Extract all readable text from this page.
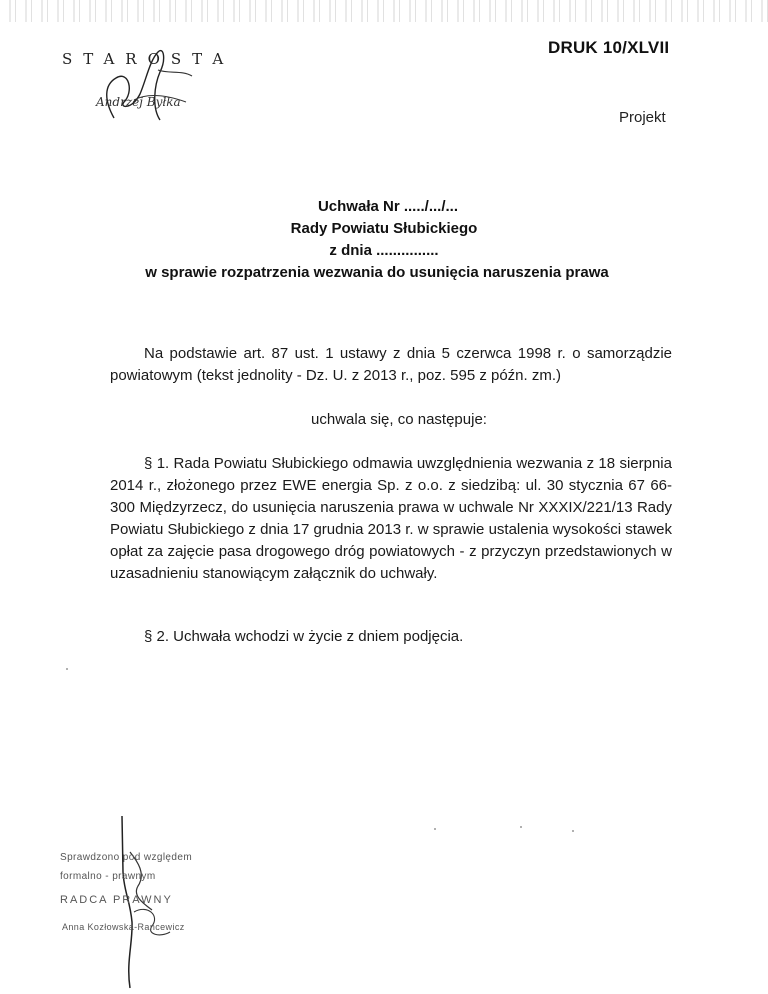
DRUK 10/XLVII
STAROSTA
Andrzej Byłka
Projekt
Uchwała Nr ...../.../...
Rady Powiatu Słubickiego
z dnia ...............
w sprawie rozpatrzenia wezwania do usunięcia naruszenia prawa
Na podstawie art. 87 ust. 1 ustawy z dnia 5 czerwca 1998 r. o samorządzie powiatowym (tekst jednolity - Dz. U. z 2013 r., poz. 595 z późn. zm.)
uchwala się, co następuje:
§ 1. Rada Powiatu Słubickiego odmawia uwzględnienia wezwania z 18 sierpnia 2014 r., złożonego przez EWE energia Sp. z o.o. z siedzibą: ul. 30 stycznia 67 66-300 Międzyrzecz, do usunięcia naruszenia prawa w uchwale Nr XXXIX/221/13 Rady Powiatu Słubickiego z dnia 17 grudnia 2013 r. w sprawie ustalenia wysokości stawek opłat za zajęcie pasa drogowego dróg powiatowych - z przyczyn przedstawionych w uzasadnieniu stanowiącym załącznik do uchwały.
§ 2. Uchwała wchodzi w życie z dniem podjęcia.
Sprawdzono pod względem
formalno - prawnym
RADCA PRAWNY
Anna Kozłowska-Rancewicz
